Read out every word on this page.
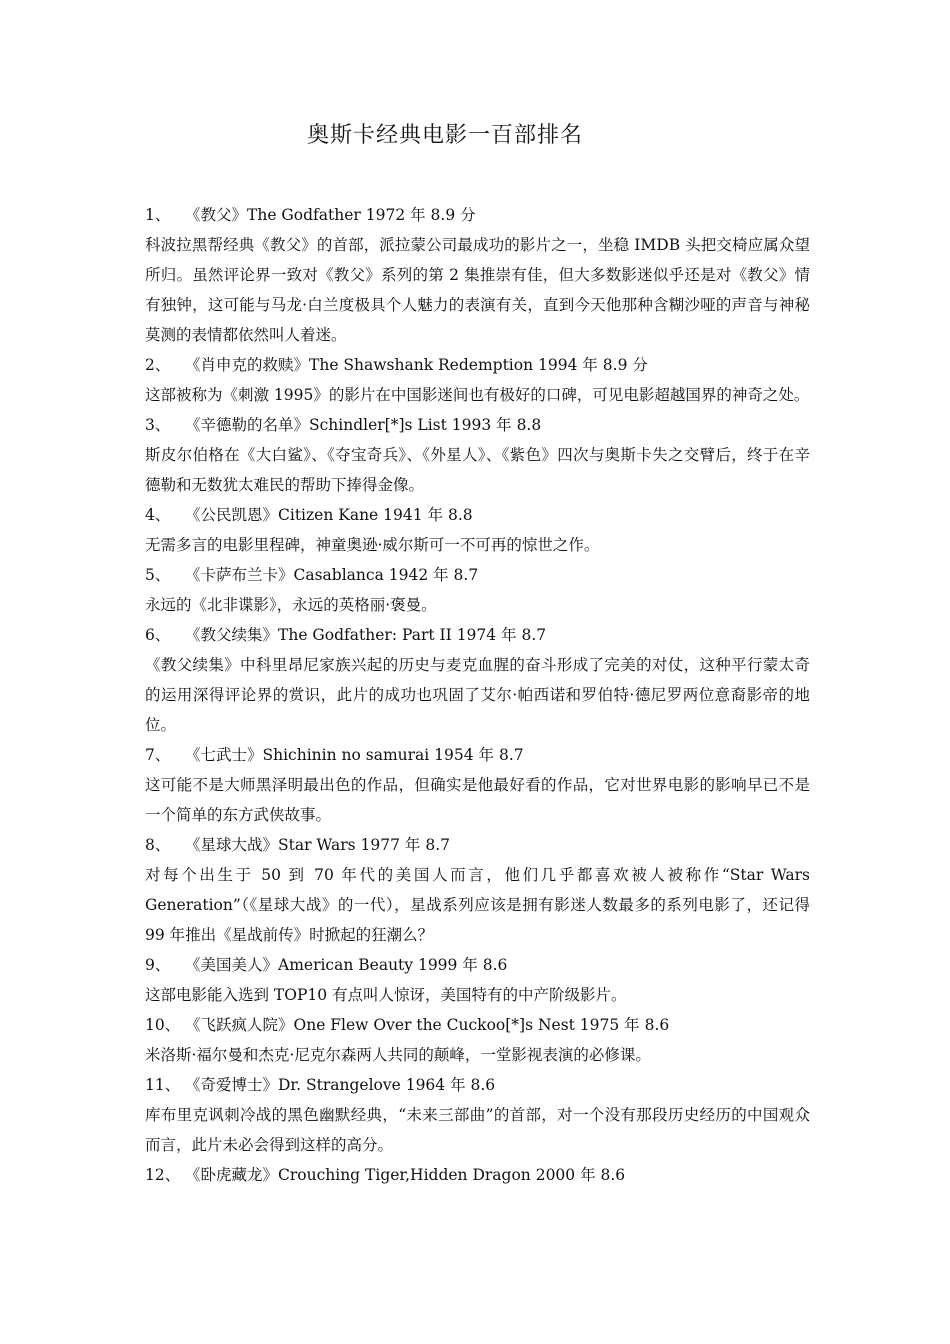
奥斯卡经典电影一百部排名
1、 《教父》The Godfather 1972 年 8.9 分

科波拉黑帮经典《教父》的首部，派拉蒙公司最成功的影片之一，坐稳 IMDB 头把交椅应属众望所归。虽然评论界一致对《教父》系列的第 2 集推崇有佳，但大多数影迷似乎还是对《教父》情有独钟，这可能与马龙·白兰度极具个人魅力的表演有关，直到今天他那种含糊沙哑的声音与神秘莫测的表情都依然叫人着迷。

2、 《肖申克的救赎》The Shawshank Redemption 1994 年 8.9 分

这部被称为《刺激 1995》的影片在中国影迷间也有极好的口碑，可见电影超越国界的神奇之处。

3、 《辛德勒的名单》Schindler[*]s List 1993 年 8.8

斯皮尔伯格在《大白鲨》、《夺宝奇兵》、《外星人》、《紫色》四次与奥斯卡失之交臂后，终于在辛德勒和无数犹太难民的帮助下捧得金像。

4、 《公民凯恩》Citizen Kane 1941 年 8.8

无需多言的电影里程碑，神童奥逊·威尔斯可一不可再的惊世之作。

5、 《卡萨布兰卡》Casablanca 1942 年 8.7

永远的《北非谍影》，永远的英格丽·褒曼。

6、 《教父续集》The Godfather: Part II 1974 年 8.7

《教父续集》中科里昂尼家族兴起的历史与麦克血腥的奋斗形成了完美的对仗，这种平行蒙太奇的运用深得评论界的赏识，此片的成功也巩固了艾尔·帕西诺和罗伯特·德尼罗两位意裔影帝的地位。

7、 《七武士》Shichinin no samurai 1954 年 8.7

这可能不是大师黑泽明最出色的作品，但确实是他最好看的作品，它对世界电影的影响早已不是一个简单的东方武侠故事。

8、 《星球大战》Star Wars 1977 年 8.7

对每个出生于 50 到 70 年代的美国人而言，他们几乎都喜欢被人被称作“Star Wars Generation”（《星球大战》的一代），星战系列应该是拥有影迷人数最多的系列电影了，还记得 99 年推出《星战前传》时掀起的狂潮么？

9、 《美国美人》American Beauty 1999 年 8.6

这部电影能入选到 TOP10 有点叫人惊讶，美国特有的中产阶级影片。

10、 《飞跃疯人院》One Flew Over the Cuckoo[*]s Nest 1975 年 8.6

米洛斯·福尔曼和杰克·尼克尔森两人共同的颠峰，一堂影视表演的必修课。

11、 《奇爱博士》Dr. Strangelove 1964 年 8.6

库布里克讽刺冷战的黑色幽默经典，“未来三部曲”的首部，对一个没有那段历史经历的中国观众而言，此片未必会得到这样的高分。

12、 《卧虎藏龙》Crouching Tiger,Hidden Dragon 2000 年 8.6
